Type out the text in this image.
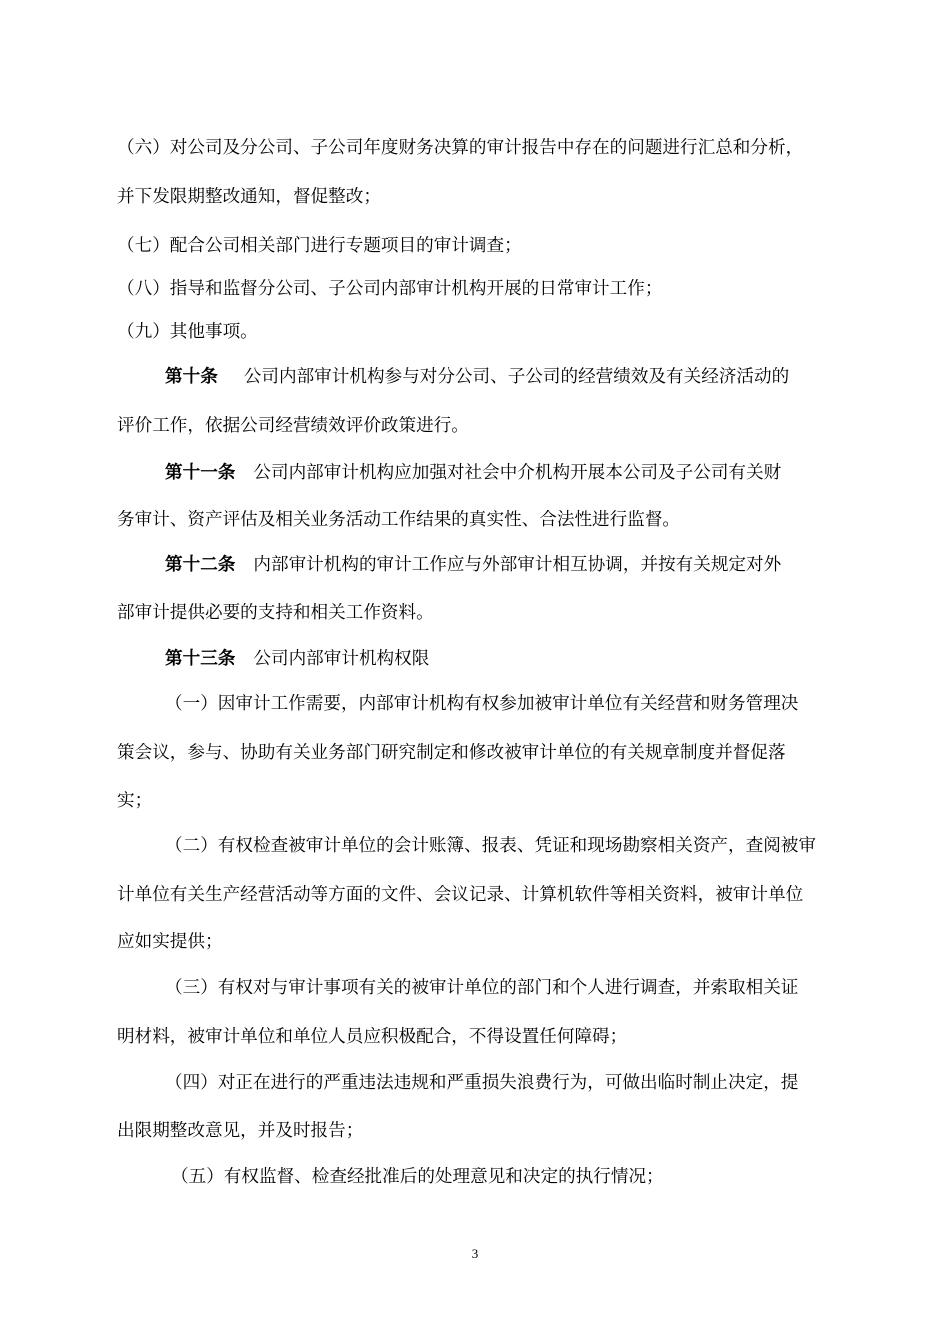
（六）对公司及分公司、子公司年度财务决算的审计报告中存在的问题进行汇总和分析，
并下发限期整改通知，督促整改；
（七）配合公司相关部门进行专题项目的审计调查；
（八）指导和监督分公司、子公司内部审计机构开展的日常审计工作；
（九）其他事项。
第十条 公司内部审计机构参与对分公司、子公司的经营绩效及有关经济活动的
评价工作，依据公司经营绩效评价政策进行。
第十一条 公司内部审计机构应加强对社会中介机构开展本公司及子公司有关财
务审计、资产评估及相关业务活动工作结果的真实性、合法性进行监督。
第十二条 内部审计机构的审计工作应与外部审计相互协调，并按有关规定对外
部审计提供必要的支持和相关工作资料。
第十三条 公司内部审计机构权限
（一）因审计工作需要，内部审计机构有权参加被审计单位有关经营和财务管理决
策会议，参与、协助有关业务部门研究制定和修改被审计单位的有关规章制度并督促落
实；
（二）有权检查被审计单位的会计账簿、报表、凭证和现场勘察相关资产，查阅被审
计单位有关生产经营活动等方面的文件、会议记录、计算机软件等相关资料，被审计单位
应如实提供；
（三）有权对与审计事项有关的被审计单位的部门和个人进行调查，并索取相关证
明材料，被审计单位和单位人员应积极配合，不得设置任何障碍；
（四）对正在进行的严重违法违规和严重损失浪费行为，可做出临时制止决定，提
出限期整改意见，并及时报告；
（五）有权监督、检查经批准后的处理意见和决定的执行情况；
3
